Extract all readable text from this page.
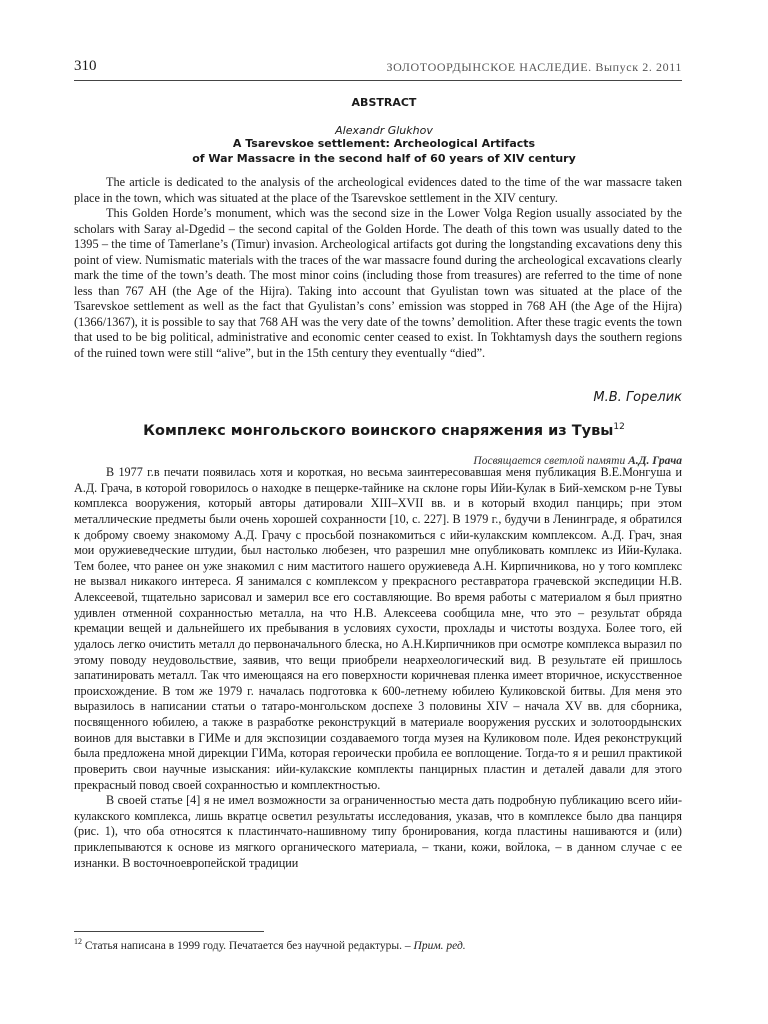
310	ЗОЛОТООРДЫНСКОЕ НАСЛЕДИЕ. Выпуск 2. 2011
ABSTRACT
Alexandr Glukhov
A Tsarevskoe settlement: Archeological Artifacts
of War Massacre in the second half of 60 years of XIV century

The article is dedicated to the analysis of the archeological evidences dated to the time of the war massacre taken place in the town, which was situated at the place of the Tsarevskoe settlement in the XIV century.

This Golden Horde’s monument, which was the second size in the Lower Volga Region usually associated by the scholars with Saray al-Dgedid – the second capital of the Golden Horde. The death of this town was usually dated to the 1395 – the time of Tamerlane’s (Timur) invasion. Archeological artifacts got during the longstanding excavations deny this point of view. Numismatic materials with the traces of the war massacre found during the archeological excavations clearly mark the time of the town’s death. The most minor coins (including those from treasures) are referred to the time of none less than 767 AH (the Age of the Hijra). Taking into account that Gyulistan town was situated at the place of the Tsarevskoe settlement as well as the fact that Gyulistan’s cons’ emission was stopped in 768 AH (the Age of the Hijra) (1366/1367), it is possible to say that 768 AH was the very date of the towns’ demolition. After these tragic events the town that used to be big political, administrative and economic center ceased to exist. In Tokhtamysh days the southern regions of the ruined town were still “alive”, but in the 15th century they eventually “died”.

М.В. Горелик
Комплекс монгольского воинского снаряжения из Тувы$^{12}$
Посвящается светлой памяти А.Д. Грача

В 1977 г.в печати появилась хотя и короткая, но весьма заинтересовавшая меня публикация В.Е.Монгуша и А.Д. Грача, в которой говорилось о находке в пещерке-тайнике на склоне горы Ийи-Кулак в Бий-хемском р-не Тувы комплекса вооружения, который авторы датировали XIII–XVII вв. и в который входил панцирь; при этом металлические предметы были очень хорошей сохранности [10, с. 227]. В 1979 г., будучи в Ленинграде, я обратился к доброму своему знакомому А.Д. Грачу с просьбой познакомиться с ийи-кулакским комплексом. А.Д. Грач, зная мои оружиеведческие штудии, был настолько любезен, что разрешил мне опубликовать комплекс из Ийи-Кулака. Тем более, что ранее он уже знакомил с ним маститого нашего оружиеведа А.Н. Кирпичникова, но у того комплекс не вызвал никакого интереса. Я занимался с комплексом у прекрасного реставратора грачевской экспедиции Н.В. Алексеевой, тщательно зарисовал и замерил все его составляющие. Во время работы с материалом я был приятно удивлен отменной сохранностью металла, на что Н.В. Алексеева сообщила мне, что это – результат обряда кремации вещей и дальнейшего их пребывания в условиях сухости, прохлады и чистоты воздуха. Более того, ей удалось легко очистить металл до первоначального блеска, но А.Н.Кирпичников при осмотре комплекса выразил по этому поводу неудовольствие, заявив, что вещи приобрели неархеологический вид. В результате ей пришлось запатинировать металл. Так что имеющаяся на его поверхности коричневая пленка имеет вторичное, искусственное происхождение. В том же 1979 г. началась подготовка к 600-летнему юбилею Куликовской битвы. Для меня это выразилось в написании статьи о татаро-монгольском доспехе 3 половины XIV – начала XV вв. для сборника, посвященного юбилею, а также в разработке реконструкций в материале вооружения русских и золотоордынских воинов для выставки в ГИМе и для экспозиции создаваемого тогда музея на Куликовом поле. Идея реконструкций была предложена мной дирекции ГИМа, которая героически пробила ее воплощение. Тогда-то я и решил практикой проверить свои научные изыскания: ийи-кулакские комплекты панцирных пластин и деталей давали для этого прекрасный повод своей сохранностью и комплектностью.

В своей статье [4] я не имел возможности за ограниченностью места дать подробную публикацию всего ийи-кулакского комплекса, лишь вкратце осветил результаты исследования, указав, что в комплексе было два панциря (рис. 1), что оба относятся к пластинчато-нашивному типу бронирования, когда пластины нашиваются и (или) приклепываются к основе из мягкого органического материала, – ткани, кожи, войлока, – в данном случае с ее изнанки. В восточноевропейской традиции

$^{12}$ Статья написана в 1999 году. Печатается без научной редактуры. – Прим. ред.
